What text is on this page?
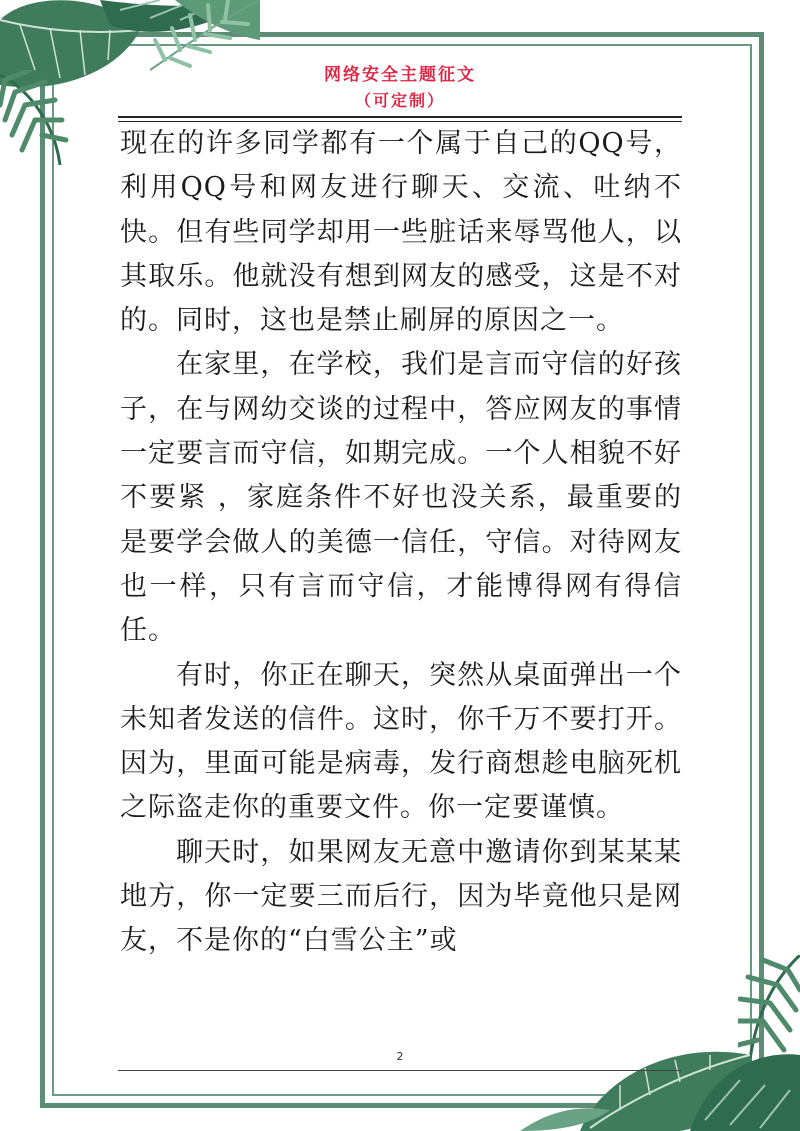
网络安全主题征文
（可定制）

现在的许多同学都有一个属于自己的QQ号，利用QQ号和网友进行聊天、交流、吐纳不快。但有些同学却用一些脏话来辱骂他人，以其取乐。他就没有想到网友的感受，这是不对的。同时，这也是禁止刷屏的原因之一。

在家里，在学校，我们是言而守信的好孩子，在与网幼交谈的过程中，答应网友的事情一定要言而守信，如期完成。一个人相貌不好不要紧 ，家庭条件不好也没关系，最重要的是要学会做人的美德一信任，守信。对待网友也一样，只有言而守信，才能博得网有得信任。

有时，你正在聊天，突然从桌面弹出一个未知者发送的信件。这时，你千万不要打开。因为，里面可能是病毒，发行商想趁电脑死机之际盗走你的重要文件。你一定要谨慎。

聊天时，如果网友无意中邀请你到某某某地方，你一定要三而后行，因为毕竟他只是网友，不是你的“白雪公主”或

2
